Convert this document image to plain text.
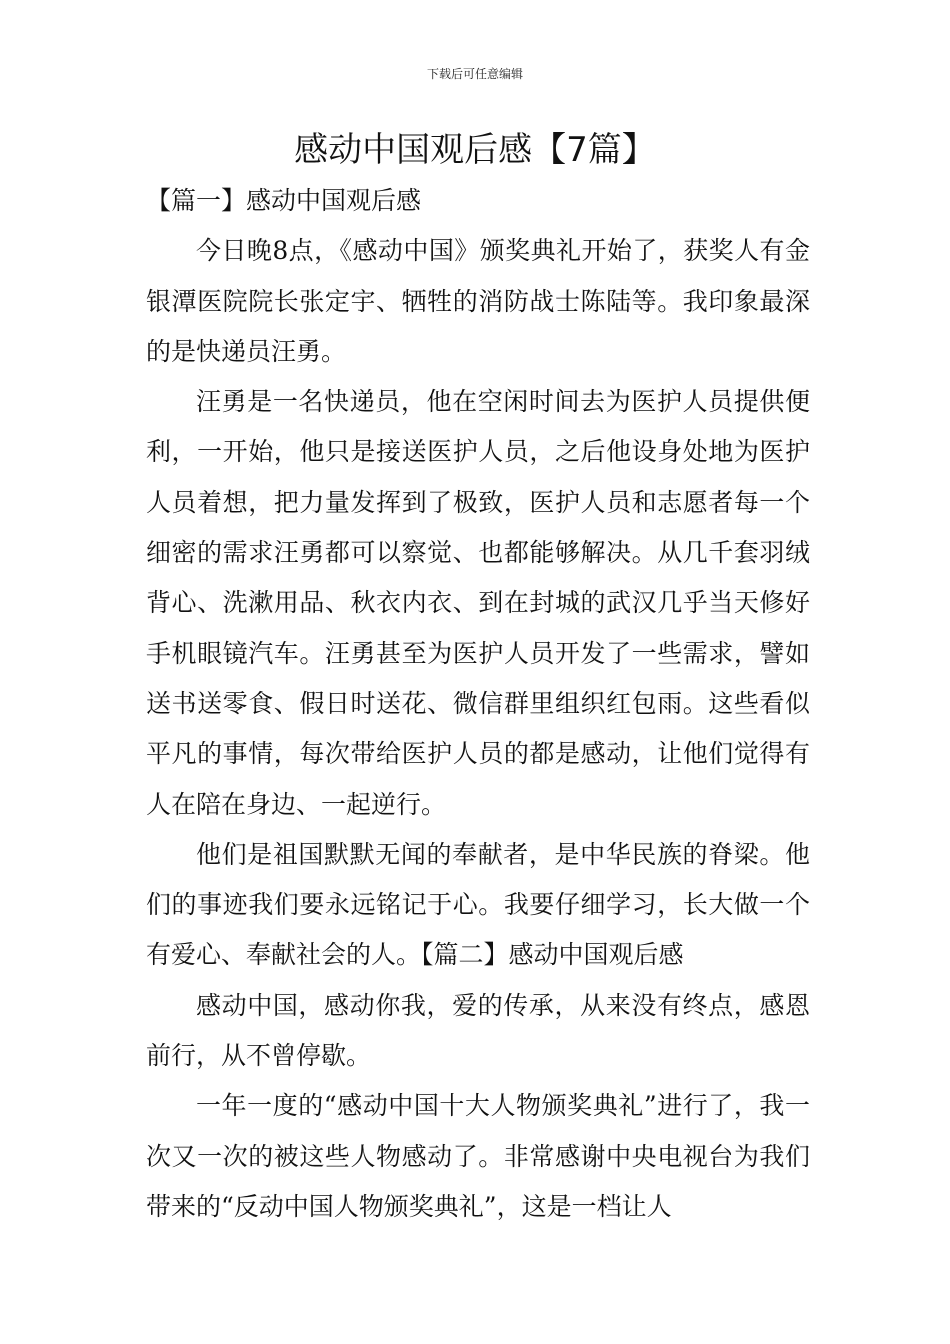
下载后可任意编辑
感动中国观后感【7篇】

【篇一】感动中国观后感

今日晚8点，《感动中国》颁奖典礼开始了，获奖人有金银潭医院院长张定宇、牺牲的消防战士陈陆等。我印象最深的是快递员汪勇。

汪勇是一名快递员，他在空闲时间去为医护人员提供便利，一开始，他只是接送医护人员，之后他设身处地为医护人员着想，把力量发挥到了极致，医护人员和志愿者每一个细密的需求汪勇都可以察觉、也都能够解决。从几千套羽绒背心、洗漱用品、秋衣内衣、到在封城的武汉几乎当天修好手机眼镜汽车。汪勇甚至为医护人员开发了一些需求，譬如送书送零食、假日时送花、微信群里组织红包雨。这些看似平凡的事情，每次带给医护人员的都是感动，让他们觉得有人在陪在身边、一起逆行。

他们是祖国默默无闻的奉献者，是中华民族的脊梁。他们的事迹我们要永远铭记于心。我要仔细学习，长大做一个有爱心、奉献社会的人。【篇二】感动中国观后感

感动中国，感动你我，爱的传承，从来没有终点，感恩前行，从不曾停歇。

一年一度的“感动中国十大人物颁奖典礼”进行了，我一次又一次的被这些人物感动了。非常感谢中央电视台为我们带来的“反动中国人物颁奖典礼”，这是一档让人
